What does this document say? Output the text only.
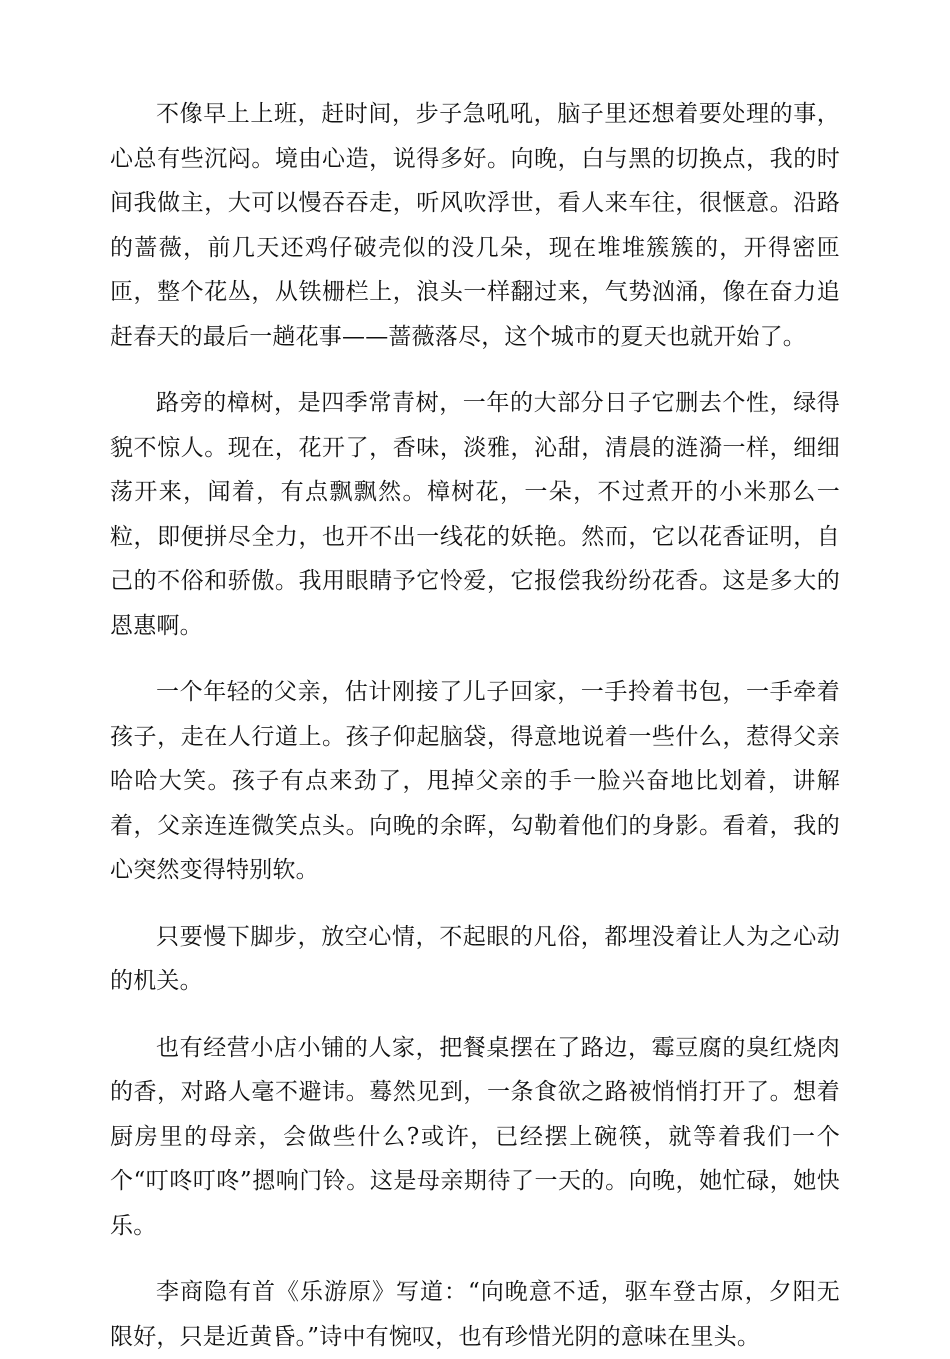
不像早上上班，赶时间，步子急吼吼，脑子里还想着要处理的事，心总有些沉闷。境由心造，说得多好。向晚，白与黑的切换点，我的时间我做主，大可以慢吞吞走，听风吹浮世，看人来车往，很惬意。沿路的蔷薇，前几天还鸡仔破壳似的没几朵，现在堆堆簇簇的，开得密匝匝，整个花丛，从铁栅栏上，浪头一样翻过来，气势汹涌，像在奋力追赶春天的最后一趟花事——蔷薇落尽，这个城市的夏天也就开始了。

路旁的樟树，是四季常青树，一年的大部分日子它删去个性，绿得貌不惊人。现在，花开了，香味，淡雅，沁甜，清晨的涟漪一样，细细荡开来，闻着，有点飘飘然。樟树花，一朵，不过煮开的小米那么一粒，即便拼尽全力，也开不出一线花的妖艳。然而，它以花香证明，自己的不俗和骄傲。我用眼睛予它怜爱，它报偿我纷纷花香。这是多大的恩惠啊。

一个年轻的父亲，估计刚接了儿子回家，一手拎着书包，一手牵着孩子，走在人行道上。孩子仰起脑袋，得意地说着一些什么，惹得父亲哈哈大笑。孩子有点来劲了，甩掉父亲的手一脸兴奋地比划着，讲解着，父亲连连微笑点头。向晚的余晖，勾勒着他们的身影。看着，我的心突然变得特别软。

只要慢下脚步，放空心情，不起眼的凡俗，都埋没着让人为之心动的机关。

也有经营小店小铺的人家，把餐桌摆在了路边，霉豆腐的臭红烧肉的香，对路人毫不避讳。蓦然见到，一条食欲之路被悄悄打开了。想着厨房里的母亲，会做些什么?或许，已经摆上碗筷，就等着我们一个个“叮咚叮咚”摁响门铃。这是母亲期待了一天的。向晚，她忙碌，她快乐。

李商隐有首《乐游原》写道：“向晚意不适，驱车登古原，夕阳无限好，只是近黄昏。”诗中有惋叹，也有珍惜光阴的意味在里头。
